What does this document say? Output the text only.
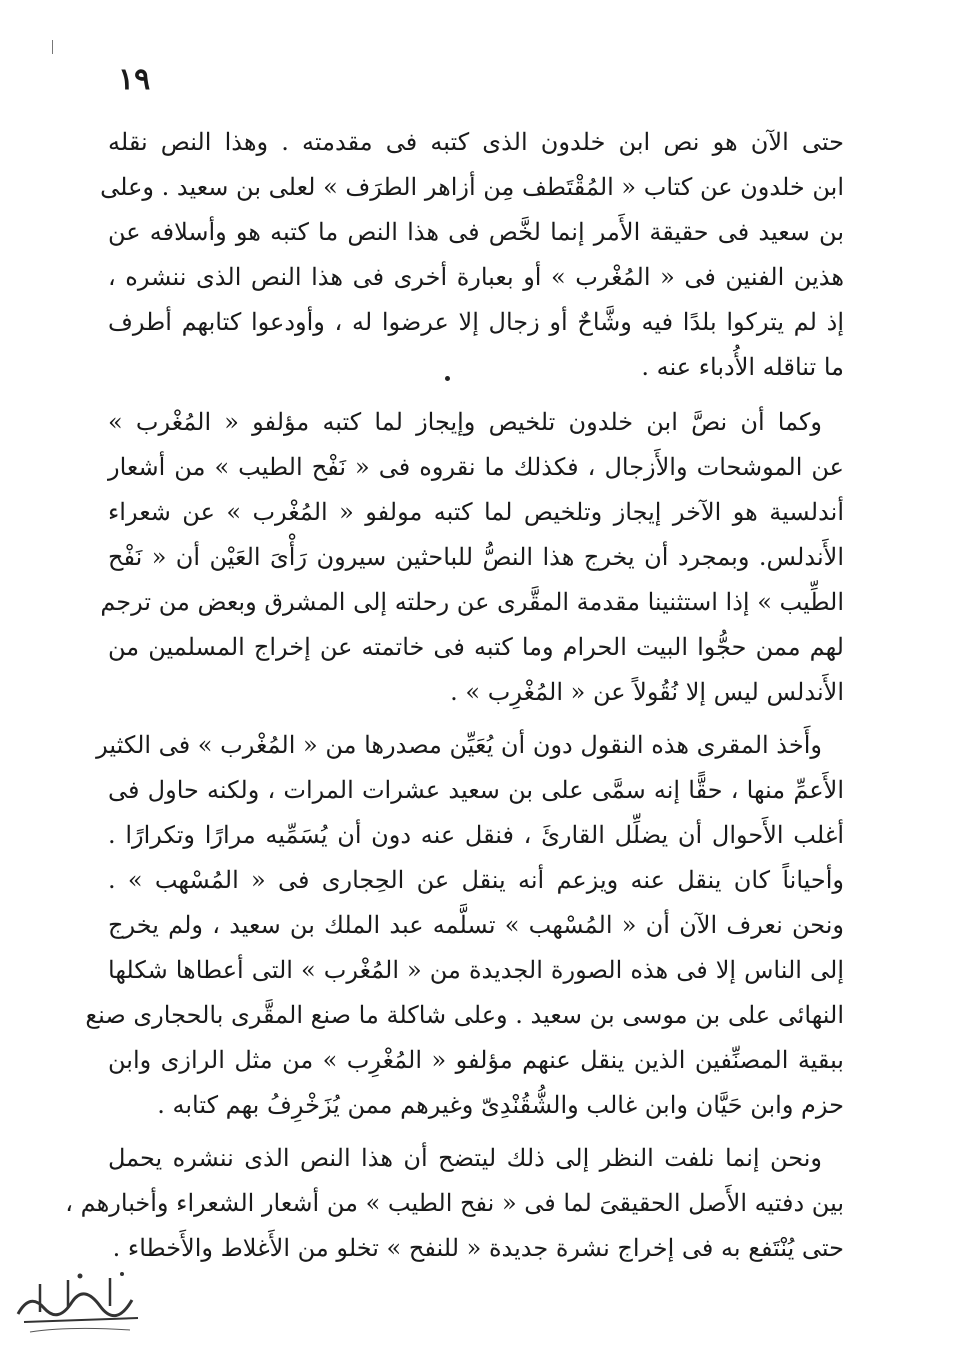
١٩
حتى الآن هو نص ابن خلدون الذى كتبه فى مقدمته . وهذا النص نقله
ابن خلدون عن كتاب « المُقْتَطف مِن أزاهر الطرَف » لعلى بن سعيد . وعلى
بن سعيد فى حقيقة الأَمر إنما لخَّص فى هذا النص ما كتبه هو وأسلافه عن
هذين الفنين فى « المُغْرب » أو بعبارة أخرى فى هذا النص الذى ننشره ،
إذ لم يتركوا بلدًا فيه وشَّاحٌ أو زجال إلا عرضوا له ، وأودعوا كتابهم أطرف
ما تناقله الأُدباء عنه .
وكما أن نصَّ ابن خلدون تلخيص وإيجاز لما كتبه مؤلفو « المُغْرب »
عن الموشحات والأَزجال ، فكذلك ما نقروه فى « نَفْح الطيب » من أشعار
أندلسية هو الآخر إيجاز وتلخيص لما كتبه مولفو « المُغْرب » عن شعراء
الأَندلس. وبمجرد أن يخرج هذا النصُّ للباحثين سيرون رَأْىَ العَيْن أن « نَفْح
الطِّيب » إذا استثنينا مقدمة المقَّرى عن رحلته إلى المشرق وبعض من ترجم
لهم ممن حجُّوا البيت الحرام وما كتبه فى خاتمته عن إخراج المسلمين من
الأَندلس ليس إلا نُقُولاً عن « المُغْرِب » .
وأَخذ المقرى هذه النقول دون أن يُعَيِّن مصدرها من « المُغْرب » فى الكثير
الأَعمِّ منها ، حقًّا إنه سمَّى على بن سعيد عشرات المرات ، ولكنه حاول فى
أغلب الأَحوال أن يضلِّل القارئَ ، فنقل عنه دون أن يُسَمِّيه مرارًا وتكرارًا .
وأحياناً كان ينقل عنه ويزعم أنه ينقل عن الحِجارى فى « المُسْهب » .
ونحن نعرف الآن أن « المُسْهب » تسلَّمه عبد الملك بن سعيد ، ولم يخرج
إلى الناس إلا فى هذه الصورة الجديدة من « المُغْرب » التى أعطاها شكلها
النهائى على بن موسى بن سعيد . وعلى شاكلة ما صنع المقَّرى بالحجارى صنع
ببقية المصنِّفين الذين ينقل عنهم مؤلفو « المُغْرِب » من مثل الرازى وابن
حزم وابن حَيَّان وابن غالب والشُّقُنْدِىّ وغيرهم ممن يُزَخْرِفُ بهم كتابه .
ونحن إنما نلفت النظر إلى ذلك ليتضح أن هذا النص الذى ننشره يحمل
بين دفتيه الأَصل الحقيقىَ لما فى « نفح الطيب » من أشعار الشعراء وأخبارهم ،
حتى يُنْتَفع به فى إخراج نشرة جديدة « للنفح » تخلو من الأَغلاط والأَخطاء .
